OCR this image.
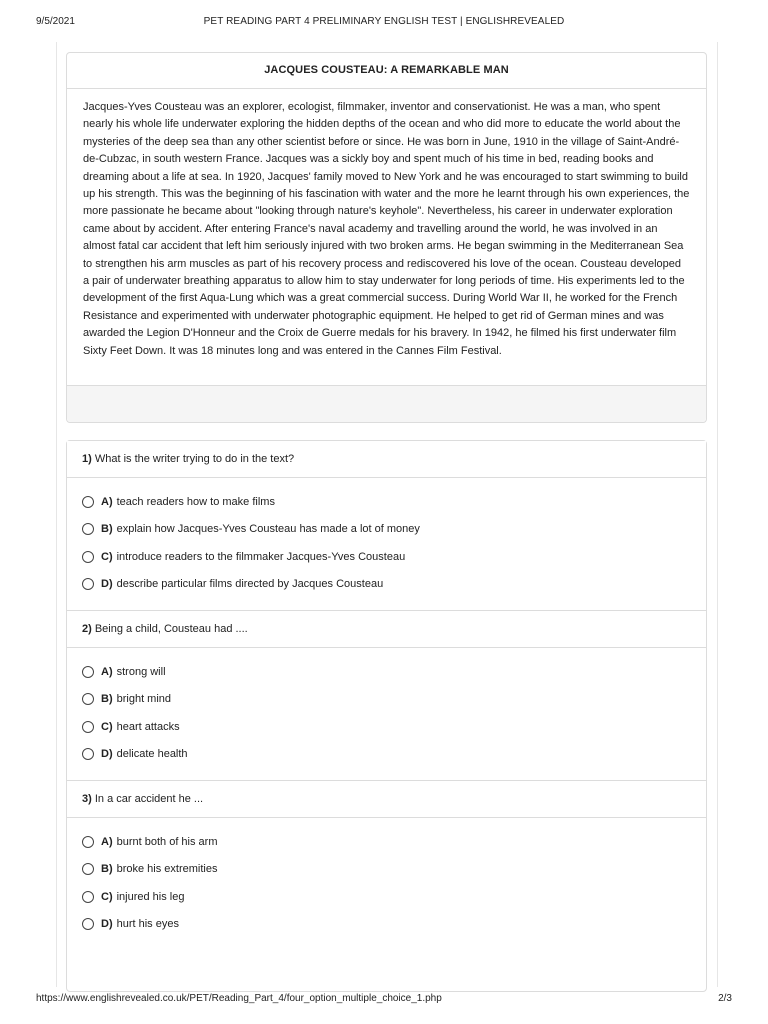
9/5/2021	PET READING PART 4 PRELIMINARY ENGLISH TEST | ENGLISHREVEALED
JACQUES COUSTEAU: A REMARKABLE MAN
Jacques-Yves Cousteau was an explorer, ecologist, filmmaker, inventor and conservationist. He was a man, who spent nearly his whole life underwater exploring the hidden depths of the ocean and who did more to educate the world about the mysteries of the deep sea than any other scientist before or since. He was born in June, 1910 in the village of Saint-André-de-Cubzac, in south western France. Jacques was a sickly boy and spent much of his time in bed, reading books and dreaming about a life at sea. In 1920, Jacques' family moved to New York and he was encouraged to start swimming to build up his strength. This was the beginning of his fascination with water and the more he learnt through his own experiences, the more passionate he became about "looking through nature's keyhole". Nevertheless, his career in underwater exploration came about by accident. After entering France's naval academy and travelling around the world, he was involved in an almost fatal car accident that left him seriously injured with two broken arms. He began swimming in the Mediterranean Sea to strengthen his arm muscles as part of his recovery process and rediscovered his love of the ocean. Cousteau developed a pair of underwater breathing apparatus to allow him to stay underwater for long periods of time. His experiments led to the development of the first Aqua-Lung which was a great commercial success. During World War II, he worked for the French Resistance and experimented with underwater photographic equipment. He helped to get rid of German mines and was awarded the Legion D'Honneur and the Croix de Guerre medals for his bravery. In 1942, he filmed his first underwater film Sixty Feet Down. It was 18 minutes long and was entered in the Cannes Film Festival.
1) What is the writer trying to do in the text?
A) teach readers how to make films
B) explain how Jacques-Yves Cousteau has made a lot of money
C) introduce readers to the filmmaker Jacques-Yves Cousteau
D) describe particular films directed by Jacques Cousteau
2) Being a child, Cousteau had ....
A) strong will
B) bright mind
C) heart attacks
D) delicate health
3) In a car accident he ...
A) burnt both of his arm
B) broke his extremities
C) injured his leg
D) hurt his eyes
https://www.englishrevealed.co.uk/PET/Reading_Part_4/four_option_multiple_choice_1.php	2/3
